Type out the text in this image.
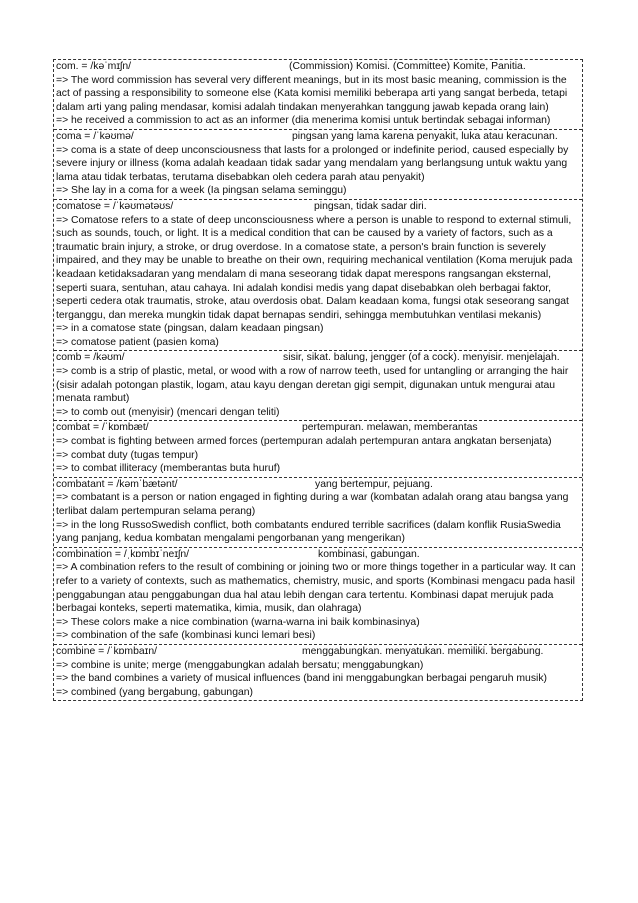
com. = /kəˈmɪʃn/	(Commission) Komisi. (Committee) Komite, Panitia.

=> The word commission has several very different meanings, but in its most basic meaning, commission is the act of passing a responsibility to someone else (Kata komisi memiliki beberapa arti yang sangat berbeda, tetapi dalam arti yang paling mendasar, komisi adalah tindakan menyerahkan tanggung jawab kepada orang lain)

=> he received a commission to act as an informer (dia menerima komisi untuk bertindak sebagai informan)

coma = /ˈkəʊmə/	pingsan yang lama karena penyakit, luka atau keracunan.

=> coma is a state of deep unconsciousness that lasts for a prolonged or indefinite period, caused especially by severe injury or illness (koma adalah keadaan tidak sadar yang mendalam yang berlangsung untuk waktu yang lama atau tidak terbatas, terutama disebabkan oleh cedera parah atau penyakit)

=> She lay in a coma for a week (Ia pingsan selama seminggu)

comatose = /ˈkəʊmətəʊs/	pingsan, tidak sadar diri.

=> Comatose refers to a state of deep unconsciousness where a person is unable to respond to external stimuli, such as sounds, touch, or light. It is a medical condition that can be caused by a variety of factors, such as a traumatic brain injury, a stroke, or drug overdose. In a comatose state, a person's brain function is severely impaired, and they may be unable to breathe on their own, requiring mechanical ventilation (Koma merujuk pada keadaan ketidaksadaran yang mendalam di mana seseorang tidak dapat merespons rangsangan eksternal, seperti suara, sentuhan, atau cahaya. Ini adalah kondisi medis yang dapat disebabkan oleh berbagai faktor, seperti cedera otak traumatis, stroke, atau overdosis obat. Dalam keadaan koma, fungsi otak seseorang sangat terganggu, dan mereka mungkin tidak dapat bernapas sendiri, sehingga membutuhkan ventilasi mekanis)

=> in a comatose state (pingsan, dalam keadaan pingsan)

=> comatose patient (pasien koma)

comb = /kəʊm/	sisir, sikat. balung, jengger (of a cock). menyisir. menjelajah.

=> comb is a strip of plastic, metal, or wood with a row of narrow teeth, used for untangling or arranging the hair (sisir adalah potongan plastik, logam, atau kayu dengan deretan gigi sempit, digunakan untuk mengurai atau menata rambut)

=> to comb out (menyisir) (mencari dengan teliti)

combat = /ˈkɒmbæt/	pertempuran. melawan, memberantas

=> combat is fighting between armed forces (pertempuran adalah pertempuran antara angkatan bersenjata)

=> combat duty (tugas tempur)

=> to combat illiteracy (memberantas buta huruf)

combatant = /kəmˈbætənt/	yang bertempur, pejuang.

=> combatant is a person or nation engaged in fighting during a war (kombatan adalah orang atau bangsa yang terlibat dalam pertempuran selama perang)

=> in the long RussoSwedish conflict, both combatants endured terrible sacrifices (dalam konflik RusiaSwedia yang panjang, kedua kombatan mengalami pengorbanan yang mengerikan)

combination = /ˌkɒmbɪˈneɪʃn/	kombinasi, gabungan.

=> A combination refers to the result of combining or joining two or more things together in a particular way. It can refer to a variety of contexts, such as mathematics, chemistry, music, and sports (Kombinasi mengacu pada hasil penggabungan atau penggabungan dua hal atau lebih dengan cara tertentu. Kombinasi dapat merujuk pada berbagai konteks, seperti matematika, kimia, musik, dan olahraga)

=> These colors make a nice combination (warna-warna ini baik kombinasinya)

=> combination of the safe (kombinasi kunci lemari besi)

combine = /ˈkɒmbaɪn/	menggabungkan. menyatukan. memiliki. bergabung.

=> combine is unite; merge (menggabungkan adalah bersatu; menggabungkan)

=> the band combines a variety of musical influences (band ini menggabungkan berbagai pengaruh musik)

=> combined (yang bergabung, gabungan)
